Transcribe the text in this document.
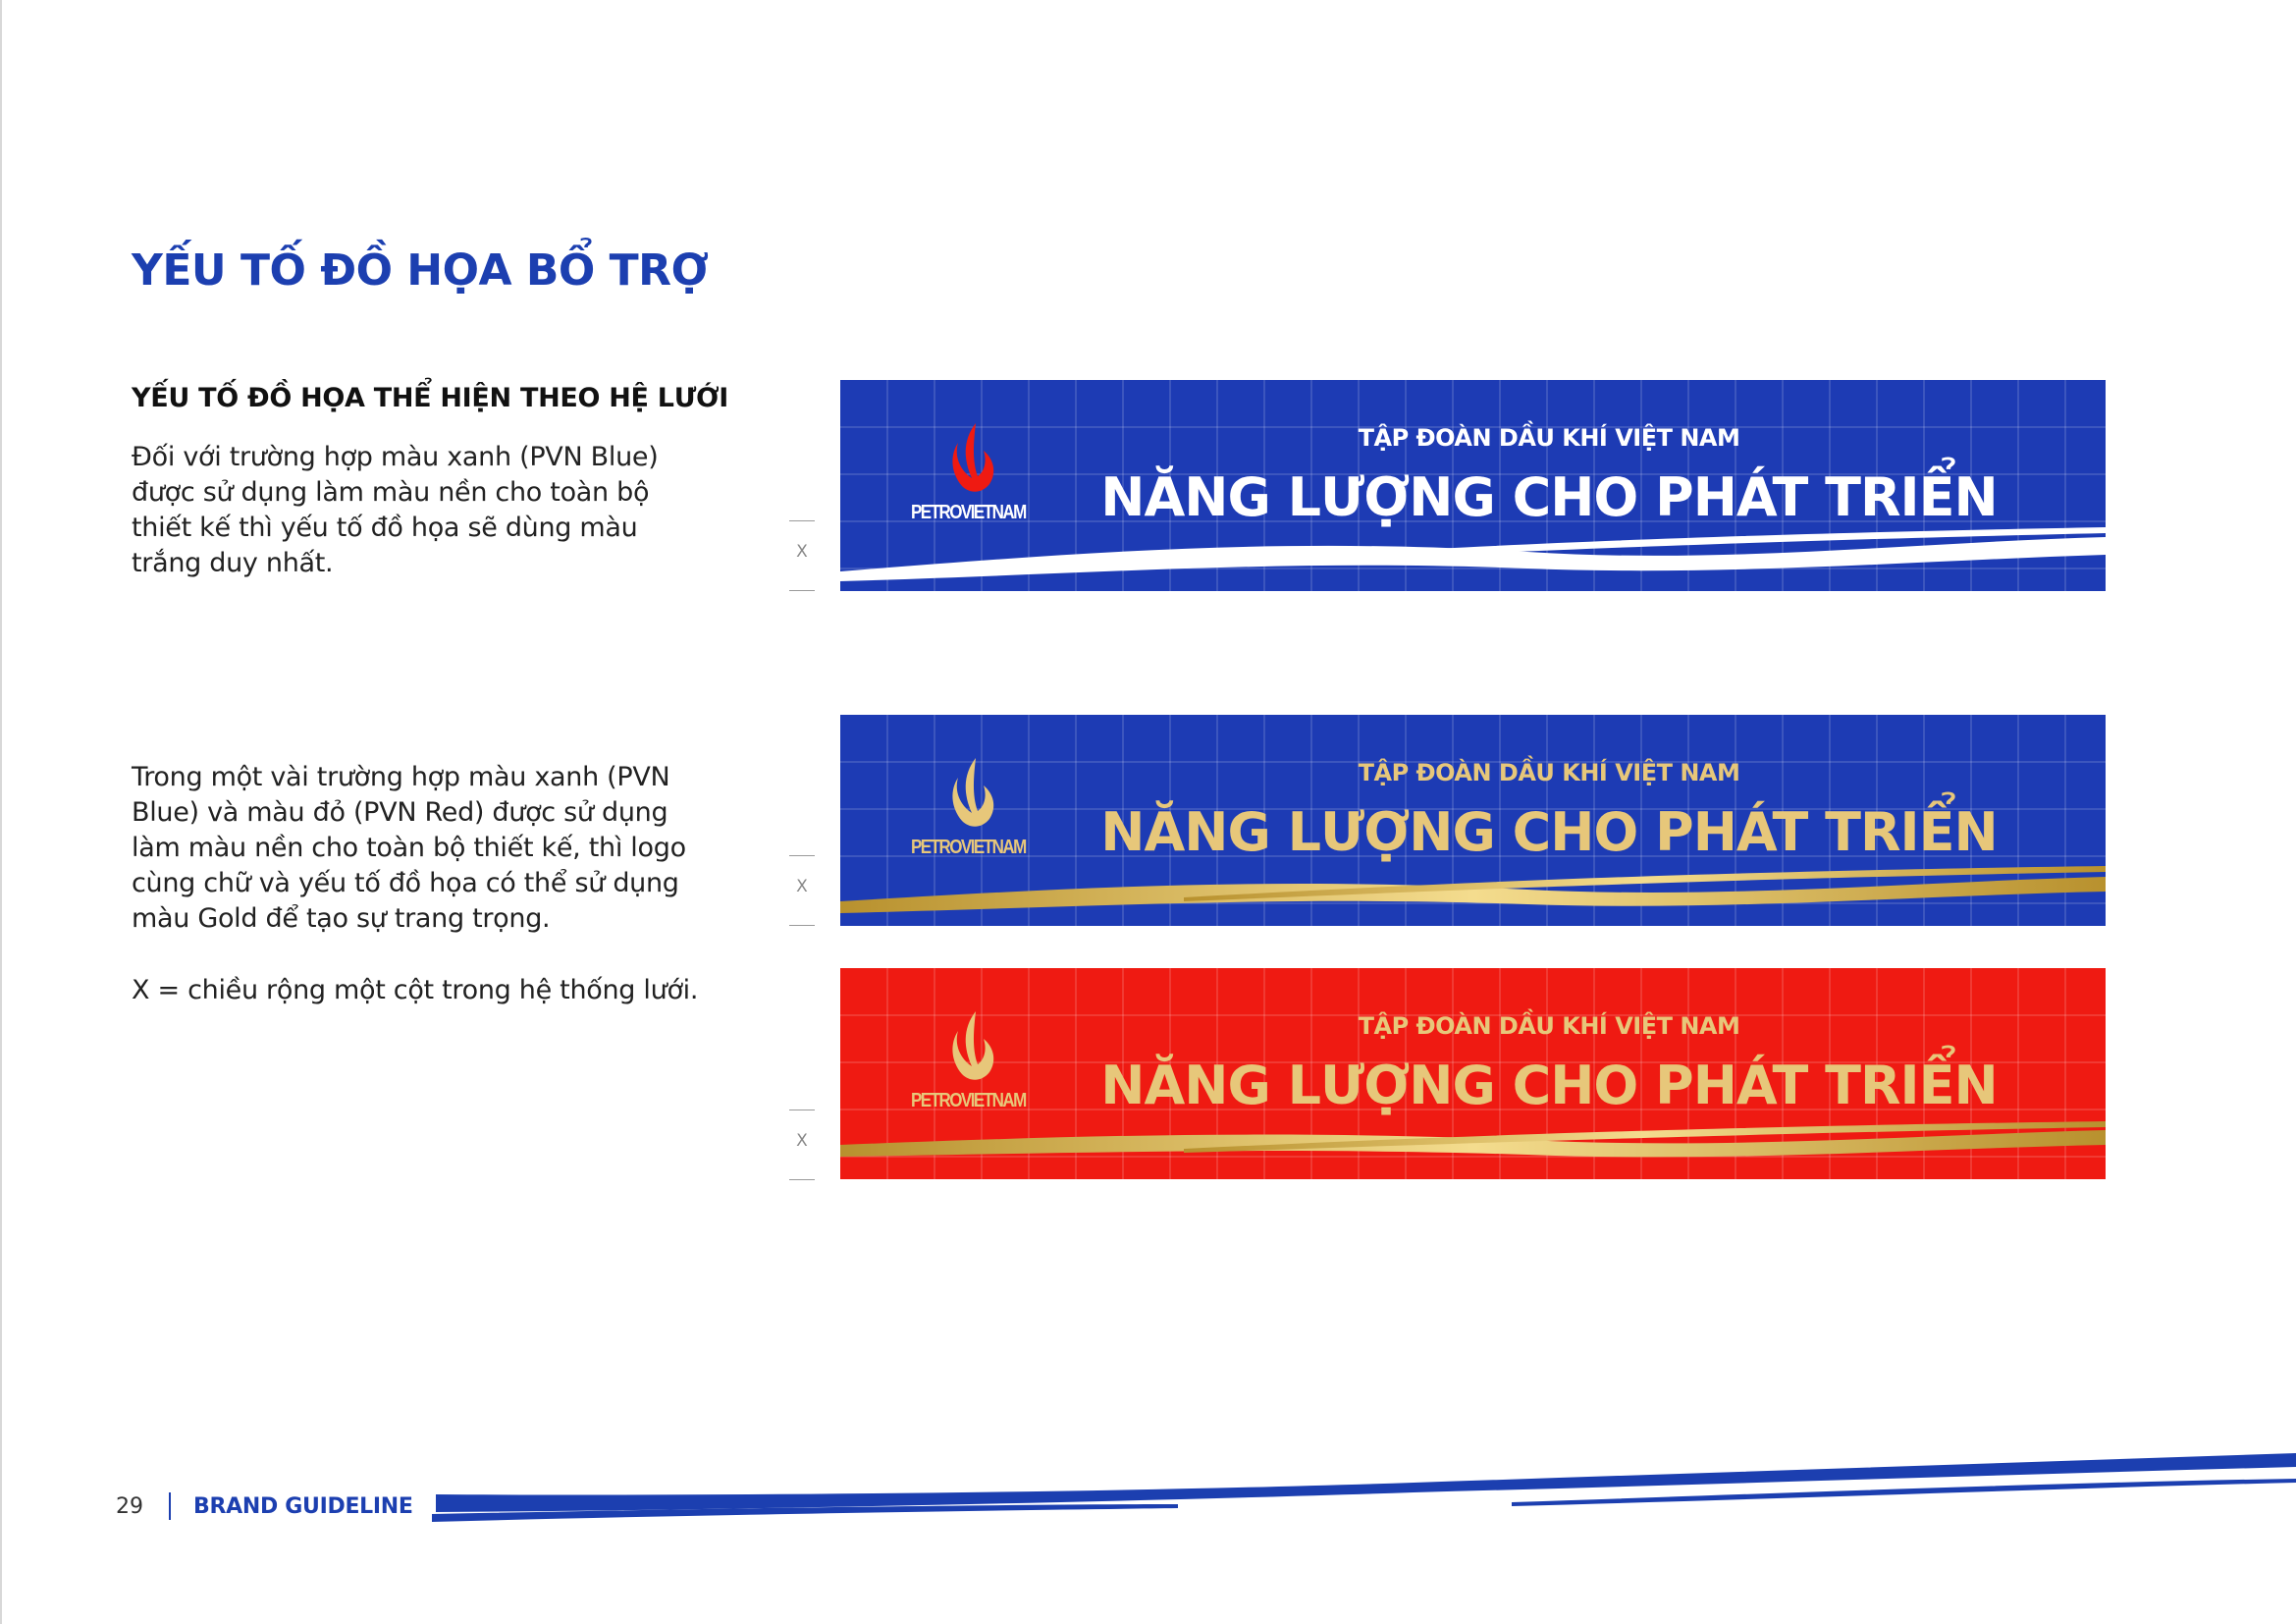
YẾU TỐ ĐỒ HỌA BỔ TRỢ
YẾU TỐ ĐỒ HỌA THỂ HIỆN THEO HỆ LƯỚI

Đối với trường hợp màu xanh (PVN Blue) được sử dụng làm màu nền cho toàn bộ thiết kế thì yếu tố đồ họa sẽ dùng màu trắng duy nhất.

Trong một vài trường hợp màu xanh (PVN Blue) và màu đỏ (PVN Red) được sử dụng làm màu nền cho toàn bộ thiết kế, thì logo cùng chữ và yếu tố đồ họa có thể sử dụng màu Gold để tạo sự trang trọng.

X = chiều rộng một cột trong hệ thống lưới.

PETROVIETNAM
TẬP ĐOÀN DẦU KHÍ VIỆT NAM
NĂNG LƯỢNG CHO PHÁT TRIỂN
PETROVIETNAM
TẬP ĐOÀN DẦU KHÍ VIỆT NAM
NĂNG LƯỢNG CHO PHÁT TRIỂN
PETROVIETNAM
TẬP ĐOÀN DẦU KHÍ VIỆT NAM
NĂNG LƯỢNG CHO PHÁT TRIỂN
X
X
X
29 BRAND GUIDELINE
